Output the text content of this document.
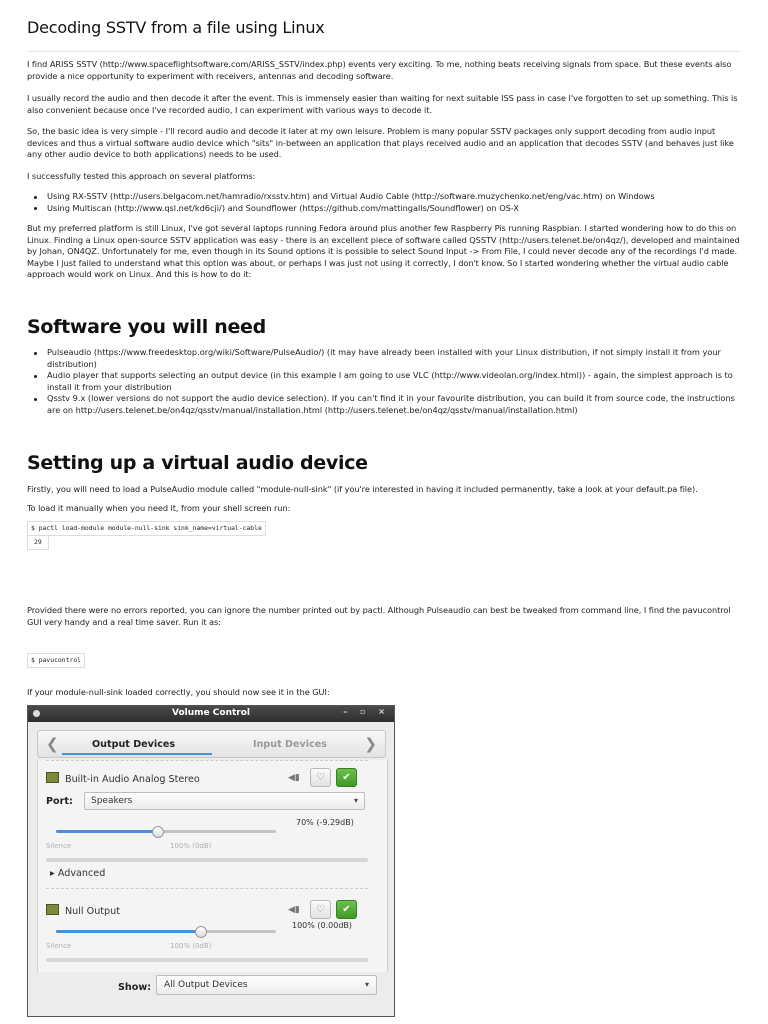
Decoding SSTV from a file using Linux

I find ARISS SSTV (http://www.spaceflightsoftware.com/ARISS_SSTV/index.php) events very exciting. To me, nothing beats receiving signals from space. But these events also provide a nice opportunity to experiment with receivers, antennas and decoding software.

I usually record the audio and then decode it after the event. This is immensely easier than waiting for next suitable ISS pass in case I've forgotten to set up something. This is also convenient because once I've recorded audio, I can experiment with various ways to decode it.

So, the basic idea is very simple - I'll record audio and decode it later at my own leisure. Problem is many popular SSTV packages only support decoding from audio input devices and thus a virtual software audio device which "sits" in-between an application that plays received audio and an application that decodes SSTV (and behaves just like any other audio device to both applications) needs to be used.

I successfully tested this approach on several platforms:

Using RX-SSTV (http://users.belgacom.net/hamradio/rxsstv.htm) and Virtual Audio Cable (http://software.muzychenko.net/eng/vac.htm) on Windows
Using Multiscan (http://www.qsl.net/kd6cji/) and Soundflower (https://github.com/mattingalls/Soundflower) on OS-X

But my preferred platform is still Linux, I've got several laptops running Fedora around plus another few Raspberry Pis running Raspbian. I started wondering how to do this on Linux. Finding a Linux open-source SSTV application was easy - there is an excellent piece of software called QSSTV (http://users.telenet.be/on4qz/), developed and maintained by Johan, ON4QZ. Unfortunately for me, even though in its Sound options it is possible to select Sound Input -> From File, I could never decode any of the recordings I'd made. Maybe I just failed to understand what this option was about, or perhaps I was just not using it correctly, I don't know. So I started wondering whether the virtual audio cable approach would work on Linux. And this is how to do it:

Software you will need
Pulseaudio (https://www.freedesktop.org/wiki/Software/PulseAudio/) (it may have already been installed with your Linux distribution, if not simply install it from your distribution)
Audio player that supports selecting an output device (in this example I am going to use VLC (http://www.videolan.org/index.html)) - again, the simplest approach is to install it from your distribution
Qsstv 9.x (lower versions do not support the audio device selection). If you can't find it in your favourite distribution, you can build it from source code, the instructions are on http://users.telenet.be/on4qz/qsstv/manual/installation.html (http://users.telenet.be/on4qz/qsstv/manual/installation.html)
Setting up a virtual audio device

Firstly, you will need to load a PulseAudio module called "module-null-sink" (if you're interested in having it included permanently, take a look at your default.pa file).

To load it manually when you need it, from your shell screen run:

$ pactl load-module module-null-sink sink_name=virtual-cable
29

Provided there were no errors reported, you can ignore the number printed out by pactl. Although Pulseaudio can best be tweaked from command line, I find the pavucontrol GUI very handy and a real time saver. Run it as:

$ pavucontrol

If your module-null-sink loaded correctly, you should now see it in the GUI:

Volume Control	– ▫ ×
❮	Output Devices	Input Devices ❯
Built-in Audio Analog Stereo	◀▮	♡	✔
Port:	Speakers	▾
70% (-9.29dB)
Silence	100% (0dB)
▸ Advanced
Null Output	◀▮	♡	✔
100% (0.00dB)
Silence	100% (0dB)
Show:	All Output Devices	▾
